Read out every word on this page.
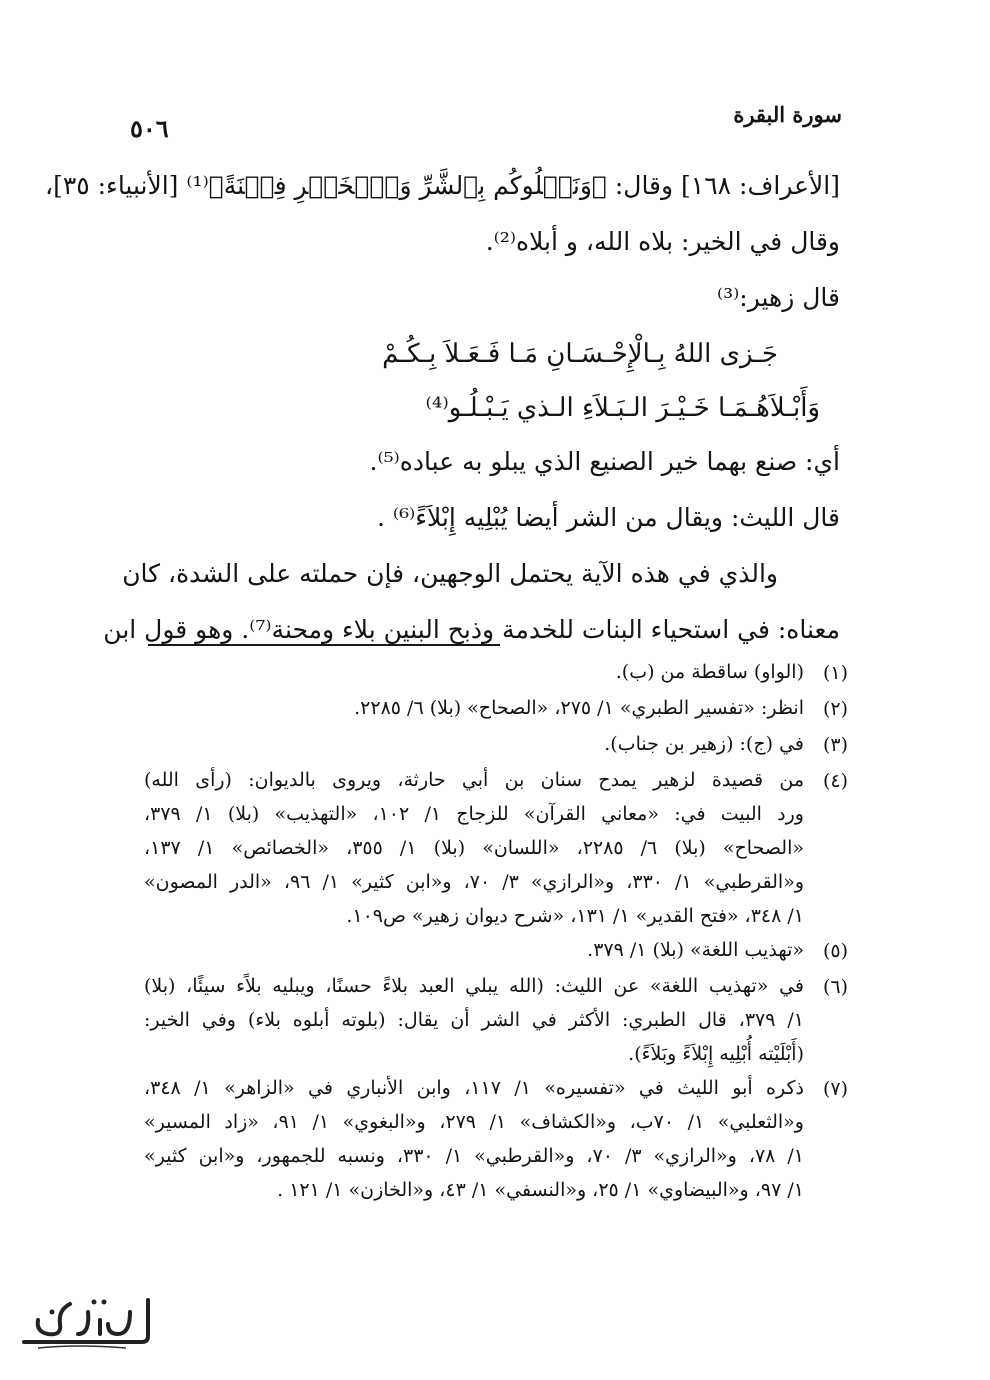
سورة البقرة
٥٠٦
[الأعراف: ١٦٨] وقال: ﴿وَنَبۡلُوكُم بِٱلشَّرِّ وَٱلۡخَيۡرِ فِتۡنَةً﴾⁽¹⁾ [الأنبياء: ٣٥]،
وقال في الخير: بلاه الله، و أبلاه⁽²⁾.
قال زهير:⁽³⁾
جَـزى اللهُ بِـالْإِحْـسَـانِ مَـا فَـعَـلاَ بِـكُـمْ
وَأَبْـلاَهُـمَـا خَـيْـرَ الـبَـلاَءِ الـذي يَـبْـلُـو⁽⁴⁾
أي: صنع بهما خير الصنيع الذي يبلو به عباده⁽⁵⁾.
قال الليث: ويقال من الشر أيضا يُبْلِيه إِبْلاَءً⁽⁶⁾ .
والذي في هذه الآية يحتمل الوجهين، فإن حملته على الشدة، كان
معناه: في استحياء البنات للخدمة وذبح البنين بلاء ومحنة⁽⁷⁾. وهو قول ابن
(١)
(الواو) ساقطة من (ب).
(٢)
انظر: «تفسير الطبري» ١/ ٢٧٥، «الصحاح» (بلا) ٦/ ٢٢٨٥.
(٣)
في (ج): (زهير بن جناب).
(٤)
من قصيدة لزهير يمدح سنان بن أبي حارثة، ويروى بالديوان: (رأى الله)
ورد البيت في: «معاني القرآن» للزجاج ١/ ١٠٢، «التهذيب» (بلا) ١/ ٣٧٩،
«الصحاح» (بلا) ٦/ ٢٢٨٥، «اللسان» (بلا) ١/ ٣٥٥، «الخصائص» ١/ ١٣٧،
و«القرطبي» ١/ ٣٣٠، و«الرازي» ٣/ ٧٠، و«ابن كثير» ١/ ٩٦، «الدر المصون»
١/ ٣٤٨، «فتح القدير» ١/ ١٣١، «شرح ديوان زهير» ص١٠٩.
(٥)
«تهذيب اللغة» (بلا) ١/ ٣٧٩.
(٦)
في «تهذيب اللغة» عن الليث: (الله يبلي العبد بلاءً حسنًا، ويبليه بلاًء سيئًا، (بلا)
١/ ٣٧٩، قال الطبري: الأكثر في الشر أن يقال: (بلوته أبلوه بلاء) وفي الخير:
(أَبْلَيْته أُبْلِيه إِبْلاَءً وبَلاَءً).
(٧)
ذكره أبو الليث في «تفسيره» ١/ ١١٧، وابن الأنباري في «الزاهر» ١/ ٣٤٨،
و«الثعلبي» ١/ ٧٠ب، و«الكشاف» ١/ ٢٧٩، و«البغوي» ١/ ٩١، «زاد المسير»
١/ ٧٨، و«الرازي» ٣/ ٧٠، و«القرطبي» ١/ ٣٣٠، ونسبه للجمهور، و«ابن كثير»
١/ ٩٧، و«البيضاوي» ١/ ٢٥، و«النسفي» ١/ ٤٣، و«الخازن» ١/ ١٢١ .
